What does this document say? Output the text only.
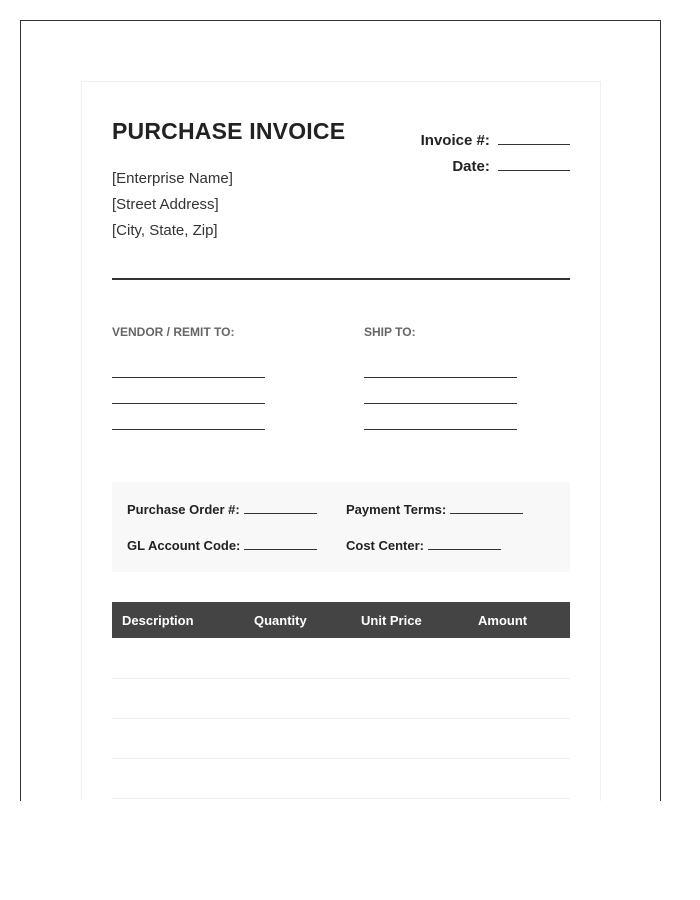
PURCHASE INVOICE	Invoice #:
Date:
[Enterprise Name]
[Street Address]
[City, State, Zip]
VENDOR / REMIT TO:	SHIP TO:
Purchase Order #:	Payment Terms:
GL Account Code:	Cost Center:
Description	Quantity	Unit Price	Amount
